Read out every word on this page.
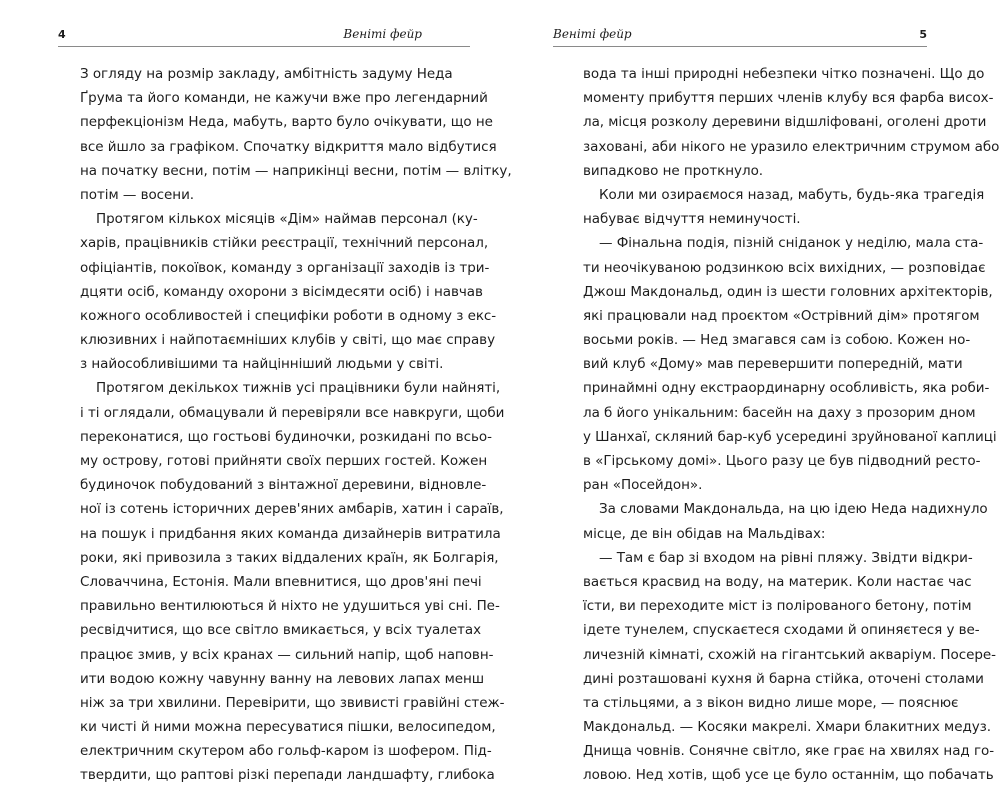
4	Веніті фейр
З огляду на розмір закладу, амбітність задуму Неда
Ґрума та його команди, не кажучи вже про легендарний
перфекціонізм Неда, мабуть, варто було очікувати, що не
все йшло за графіком. Спочатку відкриття мало відбутися
на початку весни, потім — наприкінці весни, потім — влітку,
потім — восени.
Протягом кількох місяців «Дім» наймав персонал (ку-
харів, працівників стійки реєстрації, технічний персонал,
офіціантів, покоївок, команду з організації заходів із три-
дцяти осіб, команду охорони з вісімдесяти осіб) і навчав
кожного особливостей і специфіки роботи в одному з екс-
клюзивних і найпотаємніших клубів у світі, що має справу
з найособливішими та найцінніший людьми у світі.
Протягом декількох тижнів усі працівники були найняті,
і ті оглядали, обмацували й перевіряли все навкруги, щоби
переконатися, що гостьові будиночки, розкидані по всьо-
му острову, готові прийняти своїх перших гостей. Кожен
будиночок побудований з вінтажної деревини, відновле-
ної із сотень історичних дерев'яних амбарів, хатин і сараїв,
на пошук і придбання яких команда дизайнерів витратила
роки, які привозила з таких віддалених країн, як Болгарія,
Словаччина, Естонія. Мали впевнитися, що дров'яні печі
правильно вентилюються й ніхто не удушиться уві сні. Пе-
ресвідчитися, що все світло вмикається, у всіх туалетах
працює змив, у всіх кранах — сильний напір, щоб наповн-
ити водою кожну чавунну ванну на левових лапах менш
ніж за три хвилини. Перевірити, що звивисті гравійні стеж-
ки чисті й ними можна пересуватися пішки, велосипедом,
електричним скутером або гольф-каром із шофером. Під-
твердити, що раптові різкі перепади ландшафту, глибока
Веніті фейр	5
вода та інші природні небезпеки чітко позначені. Що до
моменту прибуття перших членів клубу вся фарба висох-
ла, місця розколу деревини відшліфовані, оголені дроти
заховані, аби нікого не уразило електричним струмом або
випадково не проткнуло.
Коли ми озираємося назад, мабуть, будь-яка трагедія
набуває відчуття неминучості.
— Фінальна подія, пізній сніданок у неділю, мала ста-
ти неочікуваною родзинкою всіх вихідних, — розповідає
Джош Макдональд, один із шести головних архітекторів,
які працювали над проєктом «Острівний дім» протягом
восьми років. — Нед змагався сам із собою. Кожен но-
вий клуб «Дому» мав перевершити попередній, мати
принаймні одну екстраординарну особливість, яка роби-
ла б його унікальним: басейн на даху з прозорим дном
у Шанхаї, скляний бар-куб усередині зруйнованої каплиці
в «Гірському домі». Цього разу це був підводний ресто-
ран «Посейдон».
За словами Макдональда, на цю ідею Неда надихнуло
місце, де він обідав на Мальдівах:
— Там є бар зі входом на рівні пляжу. Звідти відкри-
вається красвид на воду, на материк. Коли настає час
їсти, ви переходите міст із полірованого бетону, потім
ідете тунелем, спускаєтеся сходами й опиняєтеся у ве-
личезній кімнаті, схожій на гігантський акваріум. Посере-
дині розташовані кухня й барна стійка, оточені столами
та стільцями, а з вікон видно лише море, — пояснює
Макдональд. — Косяки макрелі. Хмари блакитних медуз.
Днища човнів. Сонячне світло, яке грає на хвилях над го-
ловою. Нед хотів, щоб усе це було останнім, що побачать
